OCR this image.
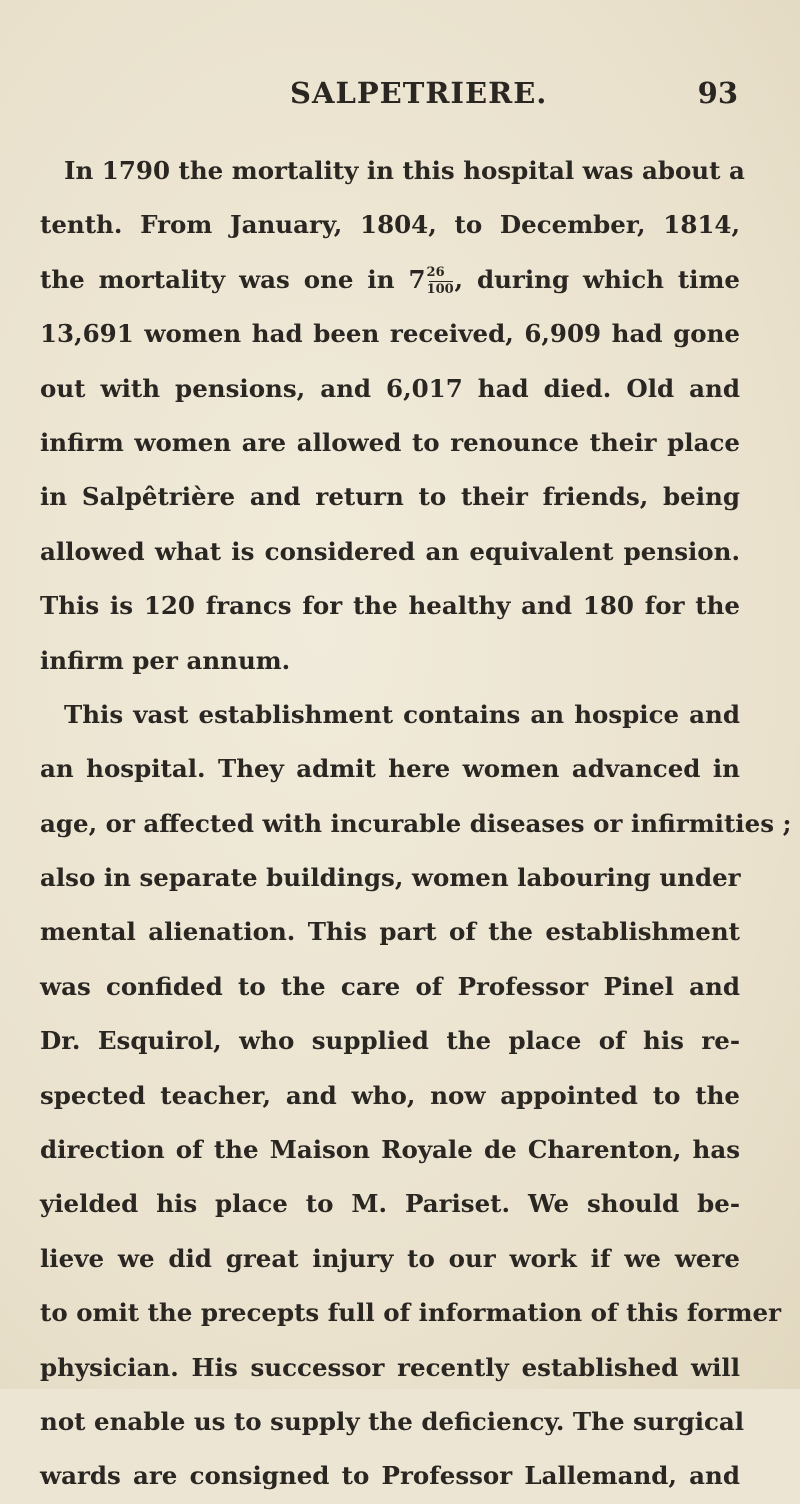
SALPETRIERE.	93
In 1790 the mortality in this hospital was about a
tenth. From January, 1804, to December, 1814,
the mortality was one in $7 \frac{26}{100}$ , during which time
13,691 women had been received, 6,909 had gone
out with pensions, and 6,017 had died. Old and
infirm women are allowed to renounce their place
in Salpêtrière and return to their friends, being
allowed what is considered an equivalent pension.
This is 120 francs for the healthy and 180 for the
infirm per annum.
This vast establishment contains an hospice and
an hospital. They admit here women advanced in
age, or affected with incurable diseases or infirmities ;
also in separate buildings, women labouring under
mental alienation. This part of the establishment
was confided to the care of Professor Pinel and
Dr. Esquirol, who supplied the place of his re-
spected teacher, and who, now appointed to the
direction of the Maison Royale de Charenton, has
yielded his place to M. Pariset. We should be-
lieve we did great injury to our work if we were
to omit the precepts full of information of this former
physician. His successor recently established will
not enable us to supply the deficiency. The surgical
wards are consigned to Professor Lallemand, and
